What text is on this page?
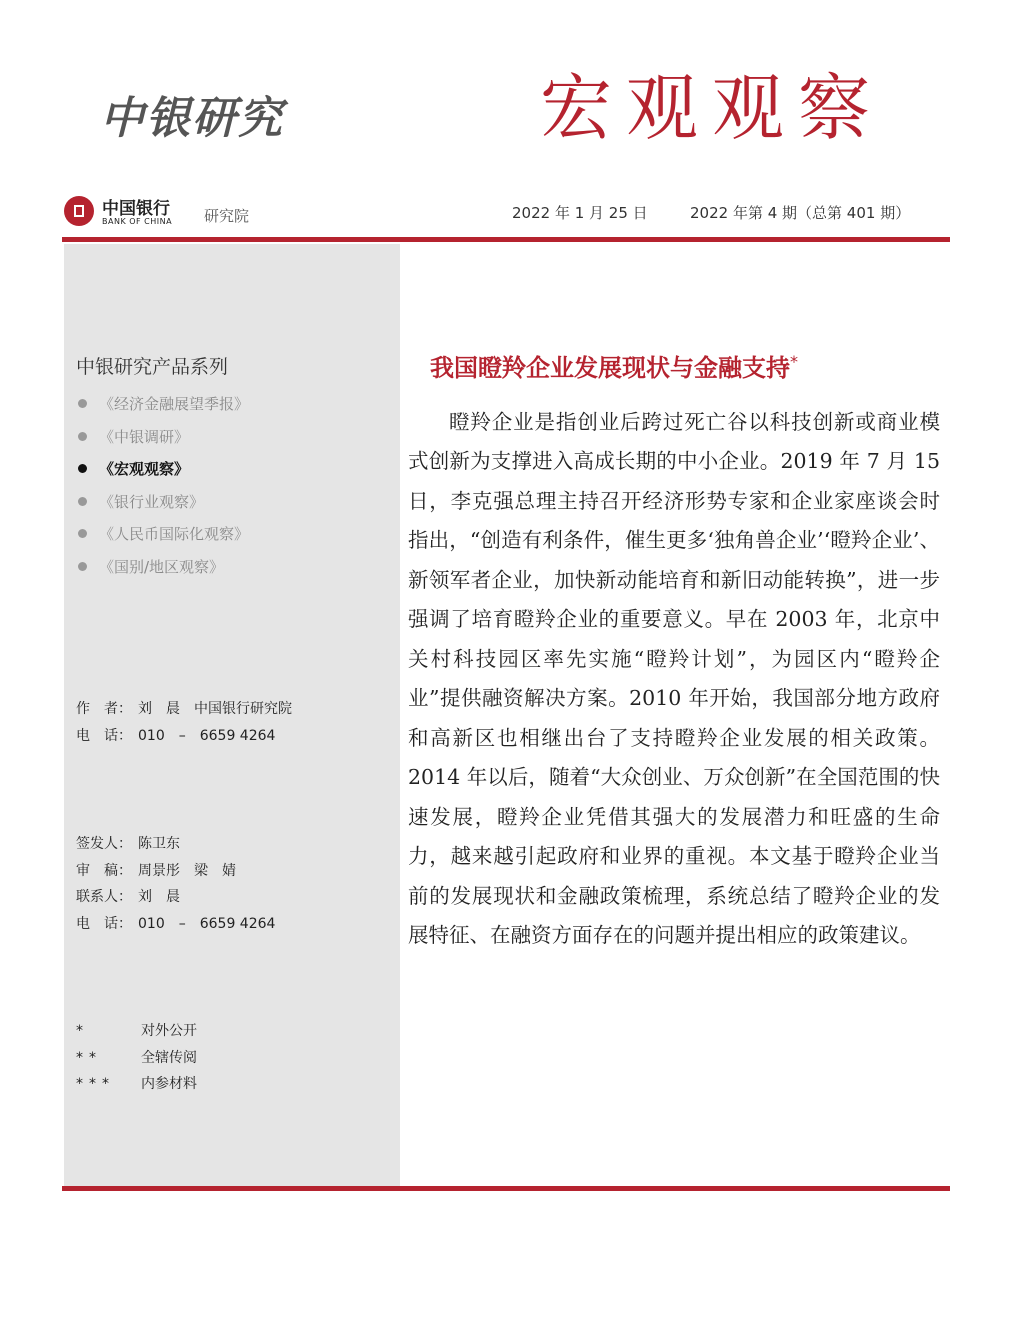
中银研究	宏观观察
中国银行
BANK OF CHINA 研究院	2022 年 1 月 25 日	2022 年第 4 期（总第 401 期）
中银研究产品系列
《经济金融展望季报》
《中银调研》
《宏观观察》
《银行业观察》
《人民币国际化观察》
《国别/地区观察》
作　者： 刘　晨　中国银行研究院
电　话： 010　–　6659 4264
签发人： 陈卫东
审　稿： 周景彤　梁　婧
联系人： 刘　晨
电　话： 010　–　6659 4264
*	对外公开
**	全辖传阅
*** 内参材料
我国瞪羚企业发展现状与金融支持*

瞪羚企业是指创业后跨过死亡谷以科技创新或商业模式创新为支撑进入高成长期的中小企业。2019 年 7 月 15 日，李克强总理主持召开经济形势专家和企业家座谈会时指出，“创造有利条件，催生更多‘独角兽企业’‘瞪羚企业’、新领军者企业，加快新动能培育和新旧动能转换”，进一步强调了培育瞪羚企业的重要意义。早在 2003 年，北京中关村科技园区率先实施“瞪羚计划”，为园区内“瞪羚企业”提供融资解决方案。2010 年开始，我国部分地方政府和高新区也相继出台了支持瞪羚企业发展的相关政策。2014 年以后，随着“大众创业、万众创新”在全国范围的快速发展，瞪羚企业凭借其强大的发展潜力和旺盛的生命力，越来越引起政府和业界的重视。本文基于瞪羚企业当前的发展现状和金融政策梳理，系统总结了瞪羚企业的发展特征、在融资方面存在的问题并提出相应的政策建议。
